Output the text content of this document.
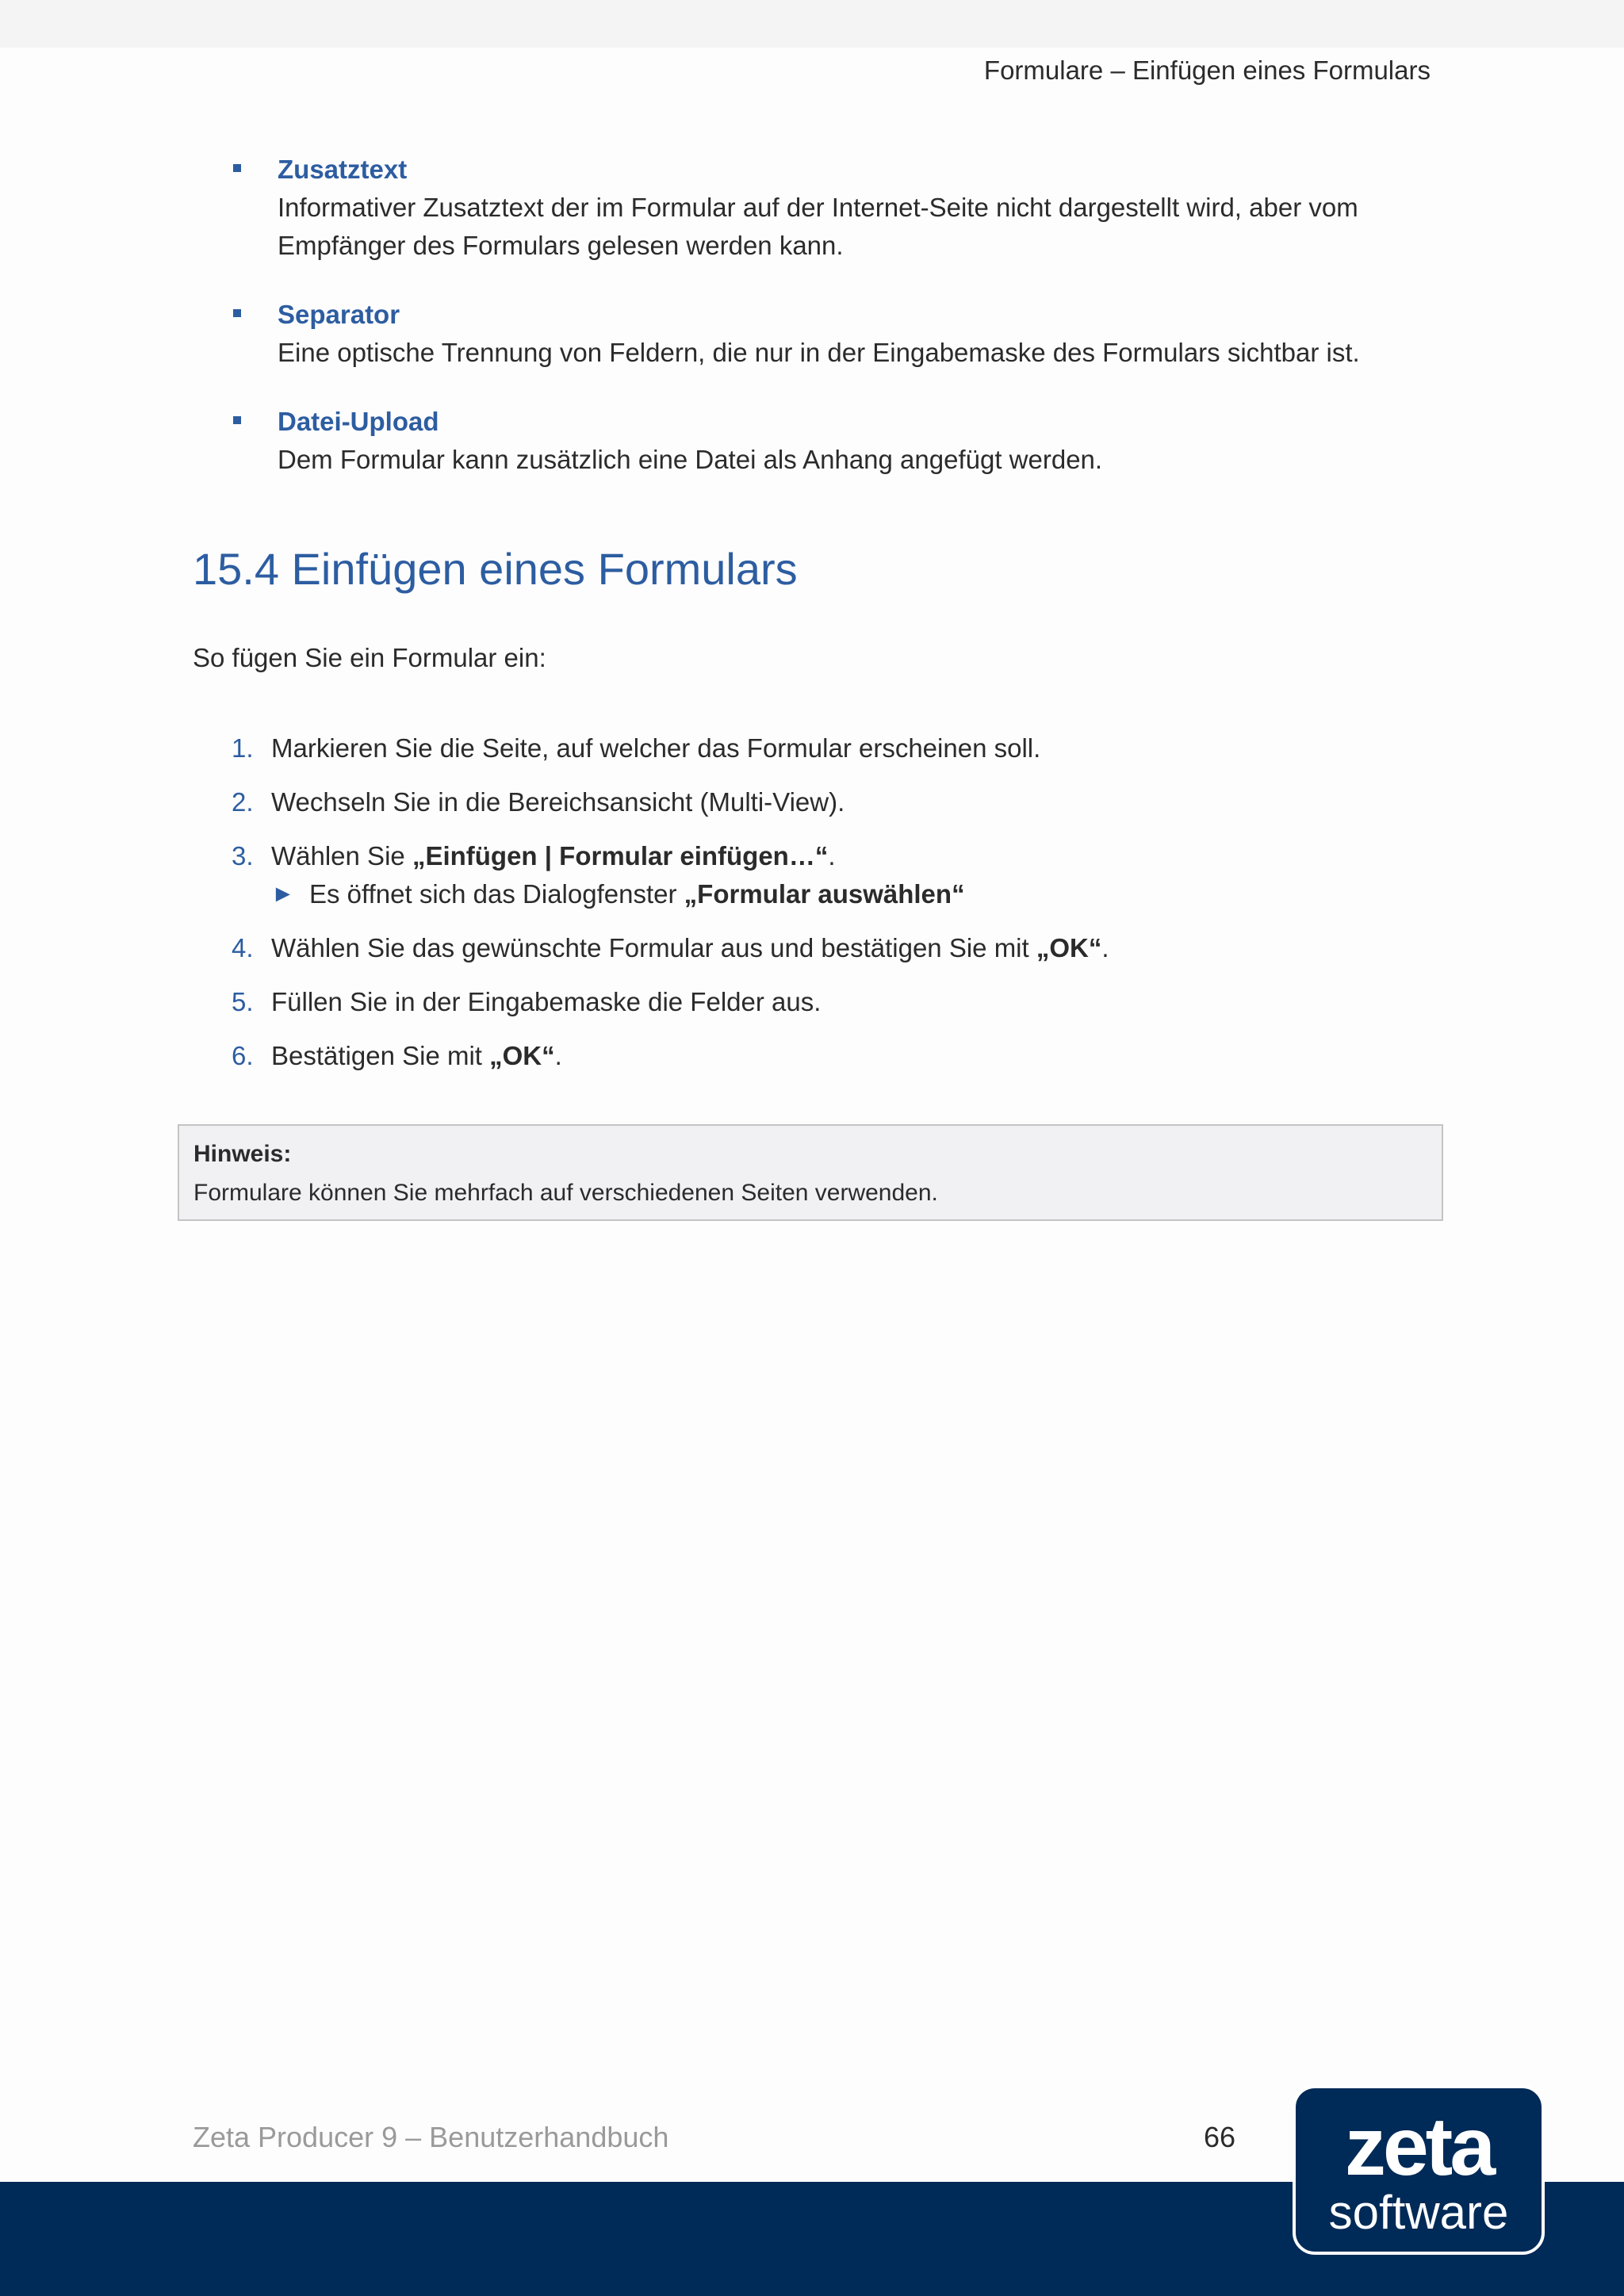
Formulare – Einfügen eines Formulars
Zusatztext
Informativer Zusatztext der im Formular auf der Internet-Seite nicht dargestellt wird, aber vom Empfänger des Formulars gelesen werden kann.
Separator
Eine optische Trennung von Feldern, die nur in der Eingabemaske des Formulars sichtbar ist.
Datei-Upload
Dem Formular kann zusätzlich eine Datei als Anhang angefügt werden.
15.4 Einfügen eines Formulars
So fügen Sie ein Formular ein:
1. Markieren Sie die Seite, auf welcher das Formular erscheinen soll.
2. Wechseln Sie in die Bereichsansicht (Multi-View).
3. Wählen Sie „Einfügen | Formular einfügen…“.
► Es öffnet sich das Dialogfenster „Formular auswählen“
4. Wählen Sie das gewünschte Formular aus und bestätigen Sie mit „OK“.
5. Füllen Sie in der Eingabemaske die Felder aus.
6. Bestätigen Sie mit „OK“.
Hinweis:
Formulare können Sie mehrfach auf verschiedenen Seiten verwenden.
Zeta Producer 9 – Benutzerhandbuch	66	zeta
software
